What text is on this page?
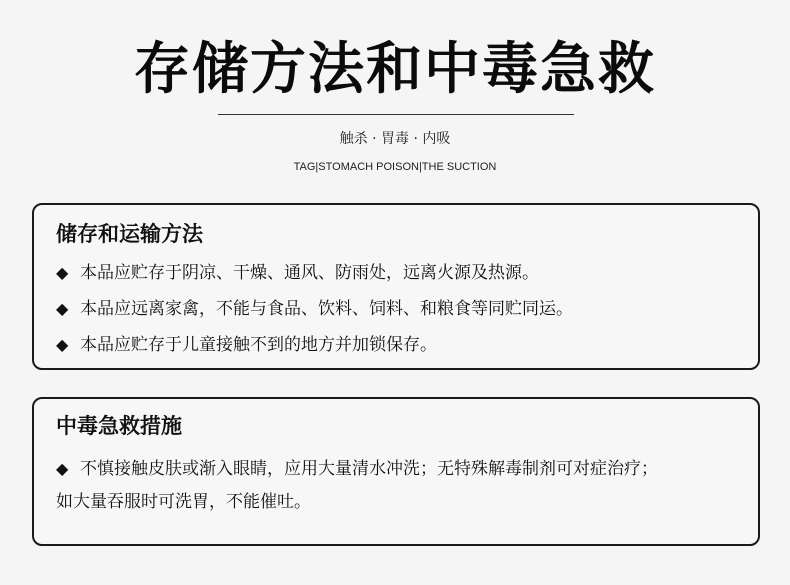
存储方法和中毒急救
触杀 · 胃毒 · 内吸
TAG|STOMACH POISON|THE SUCTION
储存和运输方法
◆ 本品应贮存于阴凉、干燥、通风、防雨处，远离火源及热源。
◆ 本品应远离家禽，不能与食品、饮料、饲料、和粮食等同贮同运。
◆ 本品应贮存于儿童接触不到的地方并加锁保存。
中毒急救措施
◆ 不慎接触皮肤或渐入眼睛，应用大量清水冲洗；无特殊解毒制剂可对症治疗；
如大量吞服时可洗胃，不能催吐。
